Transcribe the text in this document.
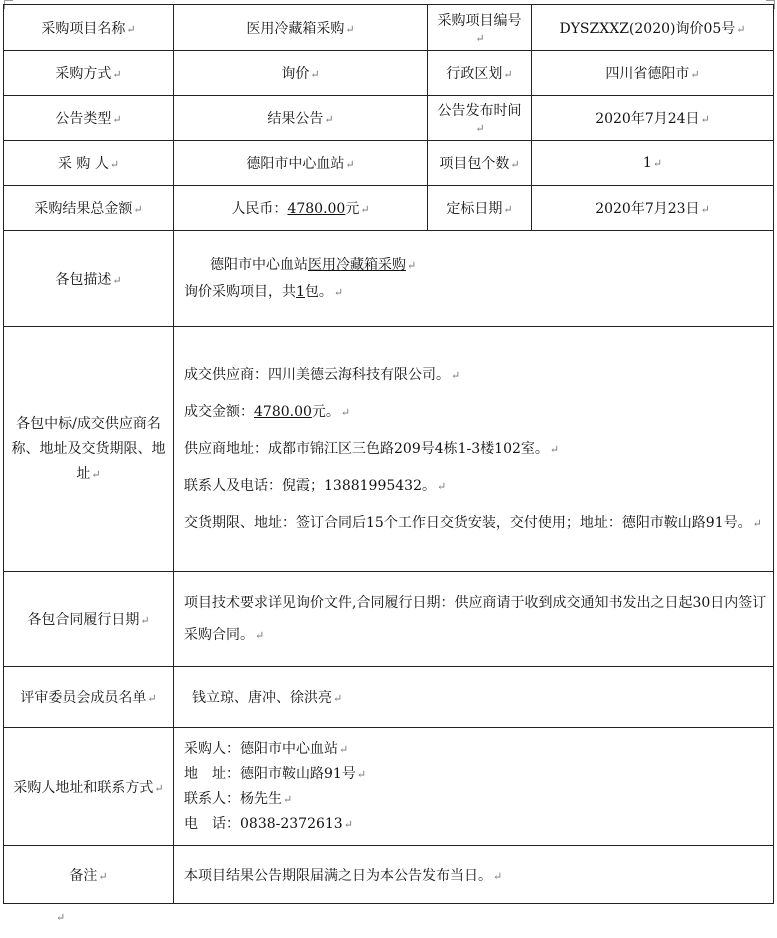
采购项目名称↵	医用冷藏箱采购↵	采购项目编号↵	DYSZXXZ(2020)询价05号↵
采购方式↵	询价↵	行政区划↵	四川省德阳市↵
公告类型↵	结果公告↵	公告发布时间↵	2020年7月24日↵
采 购 人↵	德阳市中心血站↵	项目包个数↵	1↵
采购结果总金额↵	人民币：4780.00元↵	定标日期↵	2020年7月23日↵
各包描述↵	德阳市中心血站医用冷藏箱采购↵
询价采购项目，共1包。↵		

各包中标/成交供应商名称、地址及交货期限、地址↵	成交供应商：四川美德云海科技有限公司。↵
成交金额：4780.00元。↵
供应商地址：成都市锦江区三色路209号4栋1-3楼102室。↵
联系人及电话：倪霞；13881995432。↵
交货期限、地址：签订合同后15个工作日交货安装，交付使用；地址：德阳市鞍山路91号。↵		

各包合同履行日期↵	项目技术要求详见询价文件,合同履行日期：供应商请于收到成交通知书发出之日起30日内签订采购合同。↵		
评审委员会成员名单↵	钱立琼、唐冲、徐洪亮↵		
采购人地址和联系方式↵	采购人：德阳市中心血站↵
地　址：德阳市鞍山路91号↵
联系人：杨先生↵
电　话：0838-2372613↵		

备注↵	本项目结果公告期限届满之日为本公告发布当日。↵		
↵
